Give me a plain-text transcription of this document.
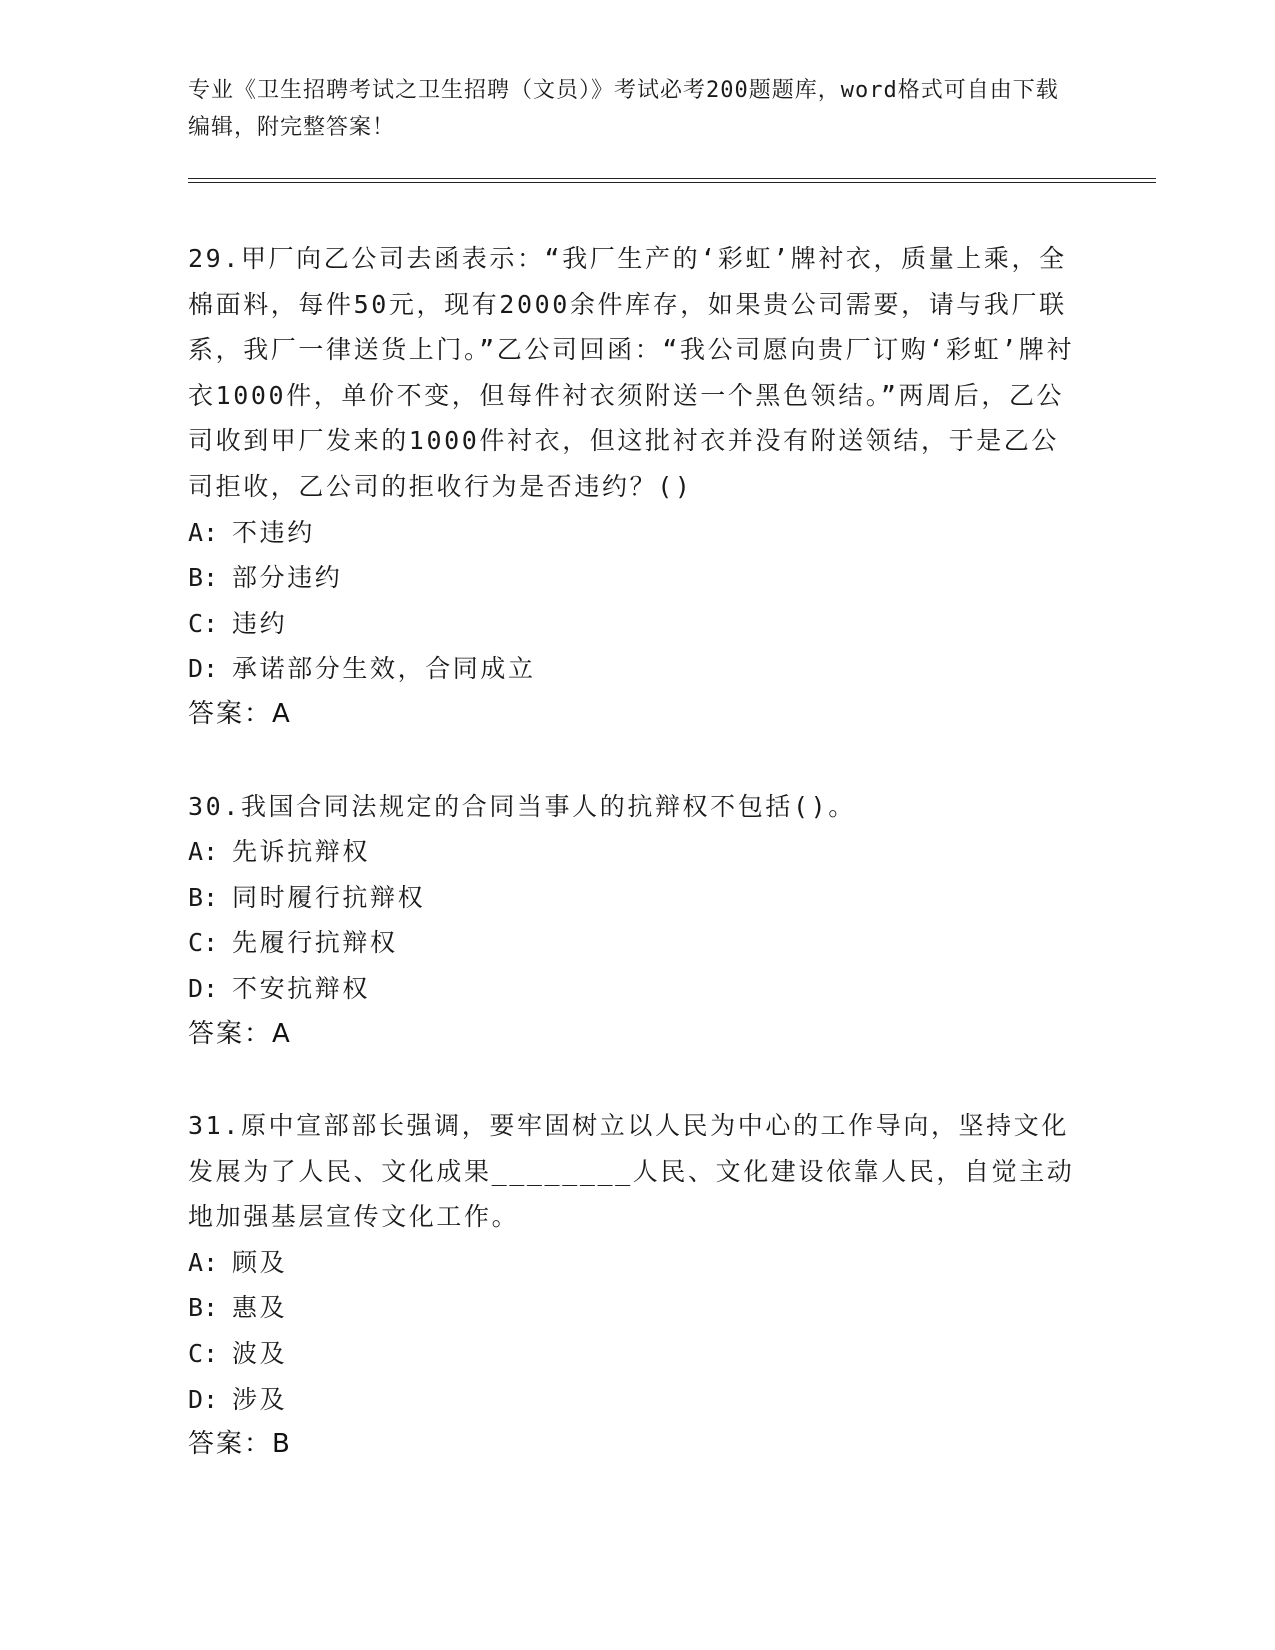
专业《卫生招聘考试之卫生招聘（文员）》考试必考200题题库，word格式可自由下载编辑，附完整答案！

29.甲厂向乙公司去函表示：“我厂生产的‘彩虹’牌衬衣，质量上乘，全棉面料，每件50元，现有2000余件库存，如果贵公司需要，请与我厂联系，我厂一律送货上门。”乙公司回函：“我公司愿向贵厂订购‘彩虹’牌衬衣1000件，单价不变，但每件衬衣须附送一个黑色领结。”两周后，乙公司收到甲厂发来的1000件衬衣，但这批衬衣并没有附送领结，于是乙公司拒收，乙公司的拒收行为是否违约？()

A: 不违约
B: 部分违约
C: 违约
D: 承诺部分生效，合同成立
答案：A

30.我国合同法规定的合同当事人的抗辩权不包括()。

A: 先诉抗辩权
B: 同时履行抗辩权
C: 先履行抗辩权
D: 不安抗辩权
答案：A

31.原中宣部部长强调，要牢固树立以人民为中心的工作导向，坚持文化发展为了人民、文化成果________人民、文化建设依靠人民，自觉主动地加强基层宣传文化工作。

A: 顾及
B: 惠及
C: 波及
D: 涉及
答案：B
